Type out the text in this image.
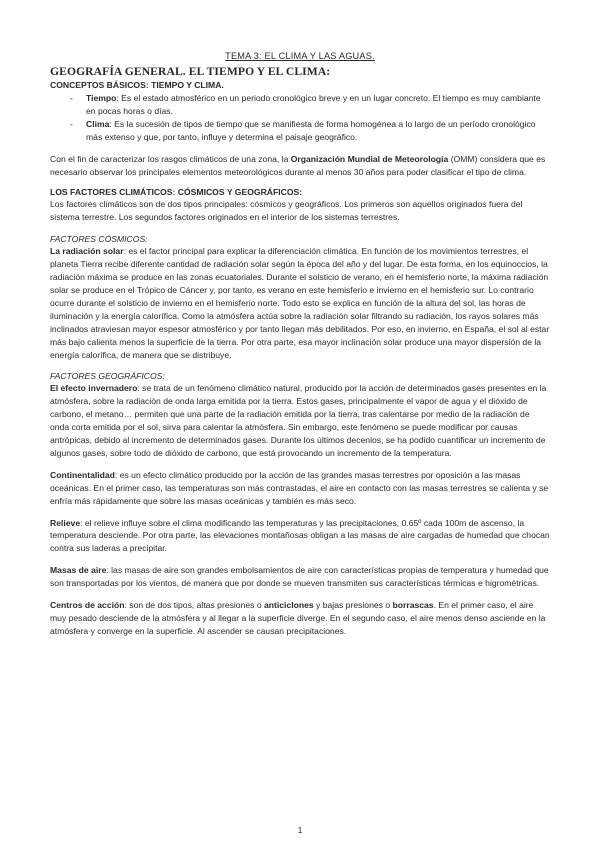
TEMA 3: EL CLIMA Y LAS AGUAS.
GEOGRAFÍA GENERAL. EL TIEMPO Y EL CLIMA:
CONCEPTOS BÁSICOS: TIEMPO Y CLIMA.
- Tiempo: Es el estado atmosférico en un periodo cronológico breve y en un lugar concreto. El tiempo es muy cambiante en pocas horas o días.
- Clima: Es la sucesión de tipos de tiempo que se manifiesta de forma homogénea a lo largo de un período cronológico más extenso y que, por tanto, influye y determina el paisaje geográfico.

Con el fin de caracterizar los rasgos climáticos de una zona, la Organización Mundial de Meteorología (OMM) considera que es necesario observar los principales elementos meteorológicos durante al menos 30 años para poder clasificar el tipo de clima.

LOS FACTORES CLIMÁTICOS: CÓSMICOS Y GEOGRÁFICOS:

Los factores climáticos son de dos tipos principales: cósmicos y geográficos. Los primeros son aquellos originados fuera del sistema terrestre. Los segundos factores originados en el interior de los sistemas terrestres.

FACTORES CÓSMICOS:

La radiación solar: es el factor principal para explicar la diferenciación climática. En función de los movimientos terrestres, el planeta Tierra recibe diferente cantidad de radiación solar según la época del año y del lugar. De esta forma, en los equinoccios, la radiación máxima se produce en las zonas ecuatoriales. Durante el solsticio de verano, en el hemisferio norte, la máxima radiación solar se produce en el Trópico de Cáncer y, por tanto, es verano en este hemisferio e invierno en el hemisferio sur. Lo contrario ocurre durante el solsticio de invierno en el hemisferio norte. Todo esto se explica en función de la altura del sol, las horas de iluminación y la energía calorífica. Como la atmósfera actúa sobre la radiación solar filtrando su radiación, los rayos solares más inclinados atraviesan mayor espesor atmosférico y por tanto llegan más debilitados. Por eso, en invierno, en España, el sol al estar más bajo calienta menos la superficie de la tierra. Por otra parte, esa mayor inclinación solar produce una mayor dispersión de la energía calorífica, de manera que se distribuye.

FACTORES GEOGRÁFICOS:

El efecto invernadero: se trata de un fenómeno climático natural, producido por la acción de determinados gases presentes en la atmósfera, sobre la radiación de onda larga emitida por la tierra. Estos gases, principalmente el vapor de agua y el dióxido de carbono, el metano… permiten que una parte de la radiación emitida por la tierra, tras calentarse por medio de la radiación de onda corta emitida por el sol, sirva para calentar la atmósfera. Sin embargo, este fenómeno se puede modificar por causas antrópicas, debido al incremento de determinados gases. Durante los últimos decenios, se ha podido cuantificar un incremento de algunos gases, sobre todo de dióxido de carbono, que está provocando un incremento de la temperatura.

Continentalidad: es un efecto climático producido por la acción de las grandes masas terrestres por oposición a las masas oceánicas. En el primer caso, las temperaturas son más contrastadas, el aire en contacto con las masas terrestres se calienta y se enfría más rápidamente que sobre las masas oceánicas y también es más seco.

Relieve: el relieve influye sobre el clima modificando las temperaturas y las precipitaciones, 0.65º cada 100m de ascenso, la temperatura desciende. Por otra parte, las elevaciones montañosas obligan a las masas de aire cargadas de humedad que chocan contra sus laderas a precipitar.

Masas de aire: las masas de aire son grandes embolsamientos de aire con características propias de temperatura y humedad que son transportadas por los vientos, de manera que por donde se mueven transmiten sus características térmicas e higrométricas.

Centros de acción: son de dos tipos, altas presiones o anticiclones y bajas presiones o borrascas. En el primer caso, el aire muy pesado desciende de la atmósfera y al llegar a la superficie diverge. En el segundo caso, el aire menos denso asciende en la atmósfera y converge en la superficie. Al ascender se causan precipitaciones.

1
